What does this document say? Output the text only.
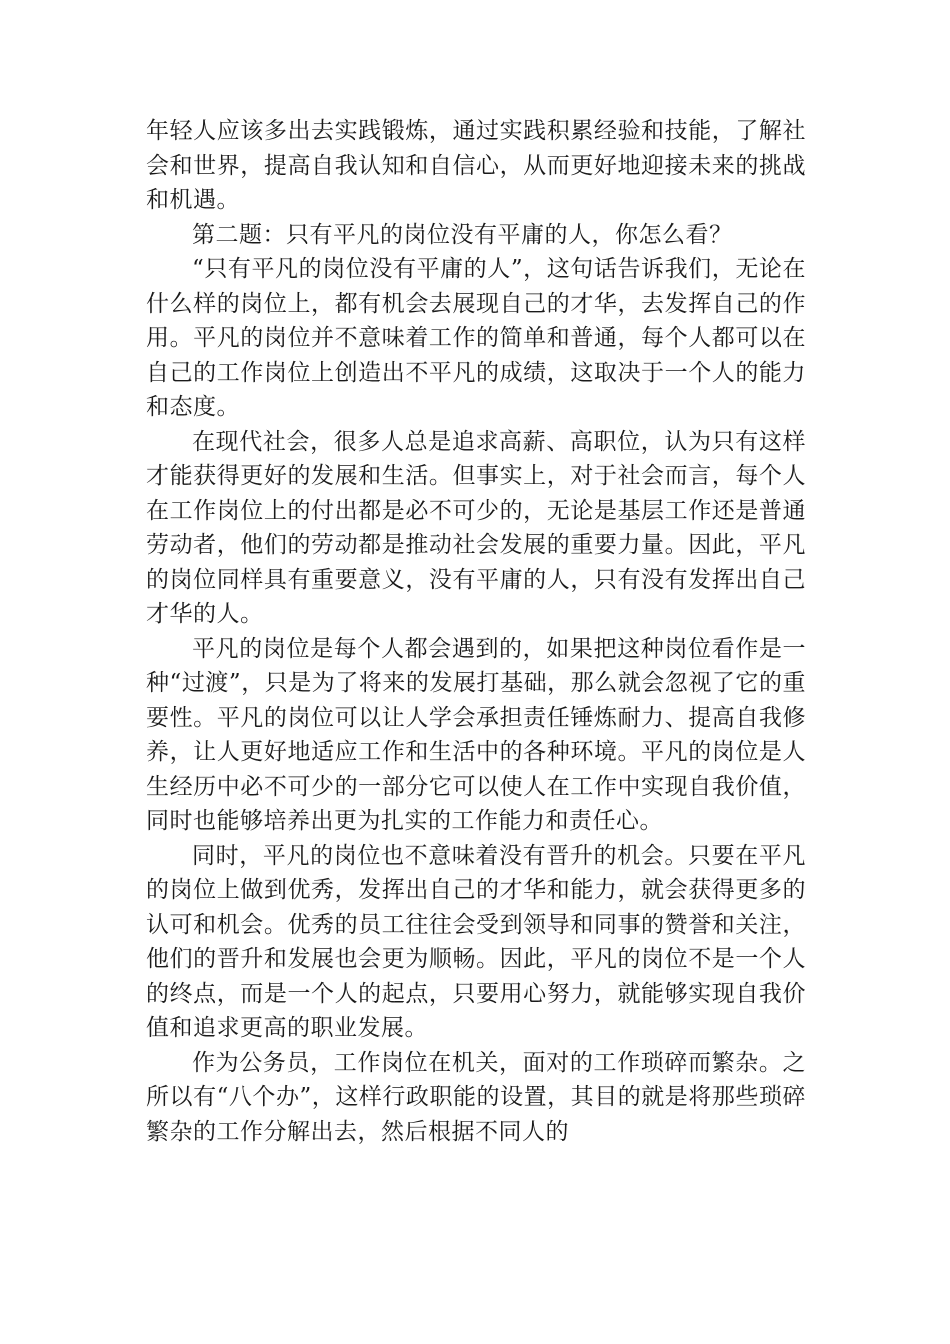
年轻人应该多出去实践锻炼，通过实践积累经验和技能，了解社会和世界，提高自我认知和自信心，从而更好地迎接未来的挑战和机遇。

第二题：只有平凡的岗位没有平庸的人，你怎么看？

“只有平凡的岗位没有平庸的人”，这句话告诉我们，无论在什么样的岗位上，都有机会去展现自己的才华，去发挥自己的作用。平凡的岗位并不意味着工作的简单和普通，每个人都可以在自己的工作岗位上创造出不平凡的成绩，这取决于一个人的能力和态度。

在现代社会，很多人总是追求高薪、高职位，认为只有这样才能获得更好的发展和生活。但事实上，对于社会而言，每个人在工作岗位上的付出都是必不可少的，无论是基层工作还是普通劳动者，他们的劳动都是推动社会发展的重要力量。因此，平凡的岗位同样具有重要意义，没有平庸的人，只有没有发挥出自己才华的人。

平凡的岗位是每个人都会遇到的，如果把这种岗位看作是一种“过渡”，只是为了将来的发展打基础，那么就会忽视了它的重要性。平凡的岗位可以让人学会承担责任锤炼耐力、提高自我修养，让人更好地适应工作和生活中的各种环境。平凡的岗位是人生经历中必不可少的一部分它可以使人在工作中实现自我价值，同时也能够培养出更为扎实的工作能力和责任心。

同时，平凡的岗位也不意味着没有晋升的机会。只要在平凡的岗位上做到优秀，发挥出自己的才华和能力，就会获得更多的认可和机会。优秀的员工往往会受到领导和同事的赞誉和关注，他们的晋升和发展也会更为顺畅。因此，平凡的岗位不是一个人的终点，而是一个人的起点，只要用心努力，就能够实现自我价值和追求更高的职业发展。

作为公务员，工作岗位在机关，面对的工作琐碎而繁杂。之所以有“八个办”，这样行政职能的设置，其目的就是将那些琐碎繁杂的工作分解出去，然后根据不同人的
